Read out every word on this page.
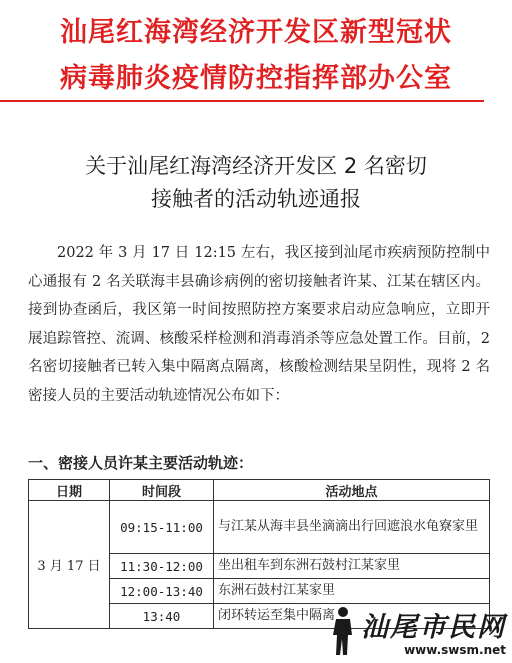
汕尾红海湾经济开发区新型冠状
病毒肺炎疫情防控指挥部办公室
关于汕尾红海湾经济开发区 2 名密切
接触者的活动轨迹通报

2022 年 3 月 17 日 12:15 左右，我区接到汕尾市疾病预防控制中心通报有 2 名关联海丰县确诊病例的密切接触者许某、江某在辖区内。接到协查函后，我区第一时间按照防控方案要求启动应急响应，立即开展追踪管控、流调、核酸采样检测和消毒消杀等应急处置工作。目前，2 名密切接触者已转入集中隔离点隔离，核酸检测结果呈阴性，现将 2 名密接人员的主要活动轨迹情况公布如下：

一、密接人员许某主要活动轨迹：
日期	时间段	活动地点
3 月 17 日	09:15-11:00	与江某从海丰县坐滴滴出行回遮浪水龟寮家里
	11:30-12:00	坐出租车到东洲石鼓村江某家里
	12:00-13:40	东洲石鼓村江某家里
	13:40	闭环转运至集中隔离 汕尾市民网
www.swsm.net
